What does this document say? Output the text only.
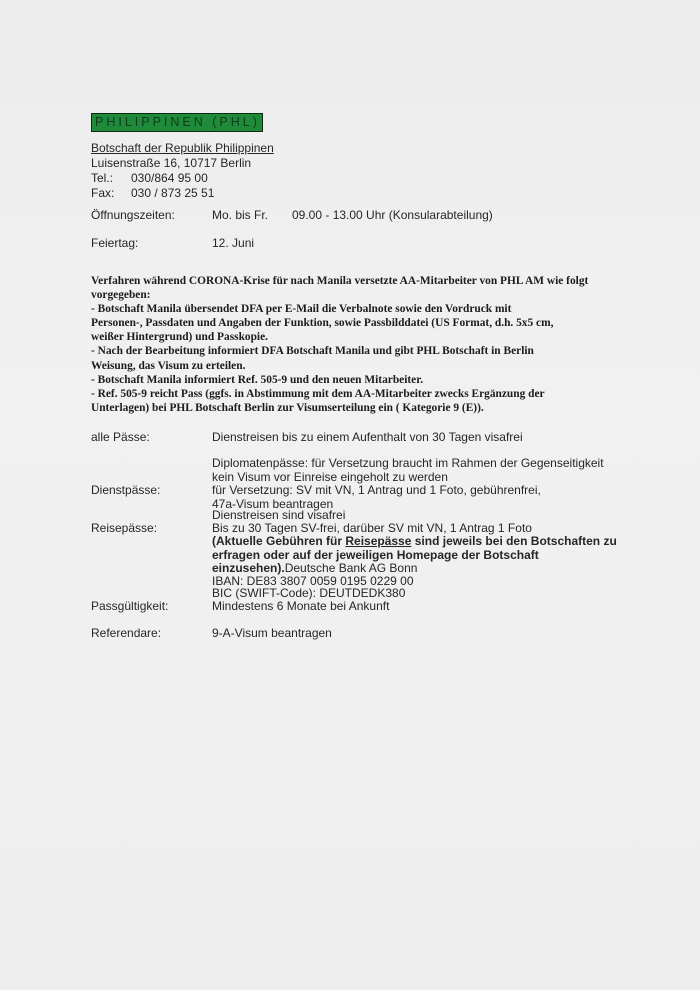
PHILIPPINEN (PHL)
Botschaft der Republik Philippinen
Luisenstraße 16, 10717 Berlin
Tel.: 030/864 95 00
Fax: 030 / 873 25 51
Öffnungszeiten:	Mo. bis Fr. 09.00 - 13.00 Uhr (Konsularabteilung)
Feiertag:	12. Juni
Verfahren während CORONA-Krise für nach Manila versetzte AA-Mitarbeiter von PHL AM wie folgt
vorgegeben:
- Botschaft Manila übersendet DFA per E-Mail die Verbalnote sowie den Vordruck mit
Personen-, Passdaten und Angaben der Funktion, sowie Passbilddatei (US Format, d.h. 5x5 cm,
weißer Hintergrund) und Passkopie.
- Nach der Bearbeitung informiert DFA Botschaft Manila und gibt PHL Botschaft in Berlin
Weisung, das Visum zu erteilen.
- Botschaft Manila informiert Ref. 505-9 und den neuen Mitarbeiter.
- Ref. 505-9 reicht Pass (ggfs. in Abstimmung mit dem AA-Mitarbeiter zwecks Ergänzung der
Unterlagen) bei PHL Botschaft Berlin zur Visumserteilung ein ( Kategorie 9 (E)).
alle Pässe:	Dienstreisen bis zu einem Aufenthalt von 30 Tagen visafrei
Diplomatenpässe: für Versetzung braucht im Rahmen der Gegenseitigkeit
kein Visum vor Einreise eingeholt zu werden
Dienstpässe:	für Versetzung: SV mit VN, 1 Antrag und 1 Foto, gebührenfrei,
47a-Visum beantragen
Dienstreisen sind visafrei
Reisepässe:	Bis zu 30 Tagen SV-frei, darüber SV mit VN, 1 Antrag 1 Foto
(Aktuelle Gebühren für Reisepässe sind jeweils bei den Botschaften zu
erfragen oder auf der jeweiligen Homepage der Botschaft
einzusehen).Deutsche Bank AG Bonn
IBAN: DE83 3807 0059 0195 0229 00
BIC (SWIFT-Code): DEUTDEDK380
Passgültigkeit:	Mindestens 6 Monate bei Ankunft
Referendare:	9-A-Visum beantragen
